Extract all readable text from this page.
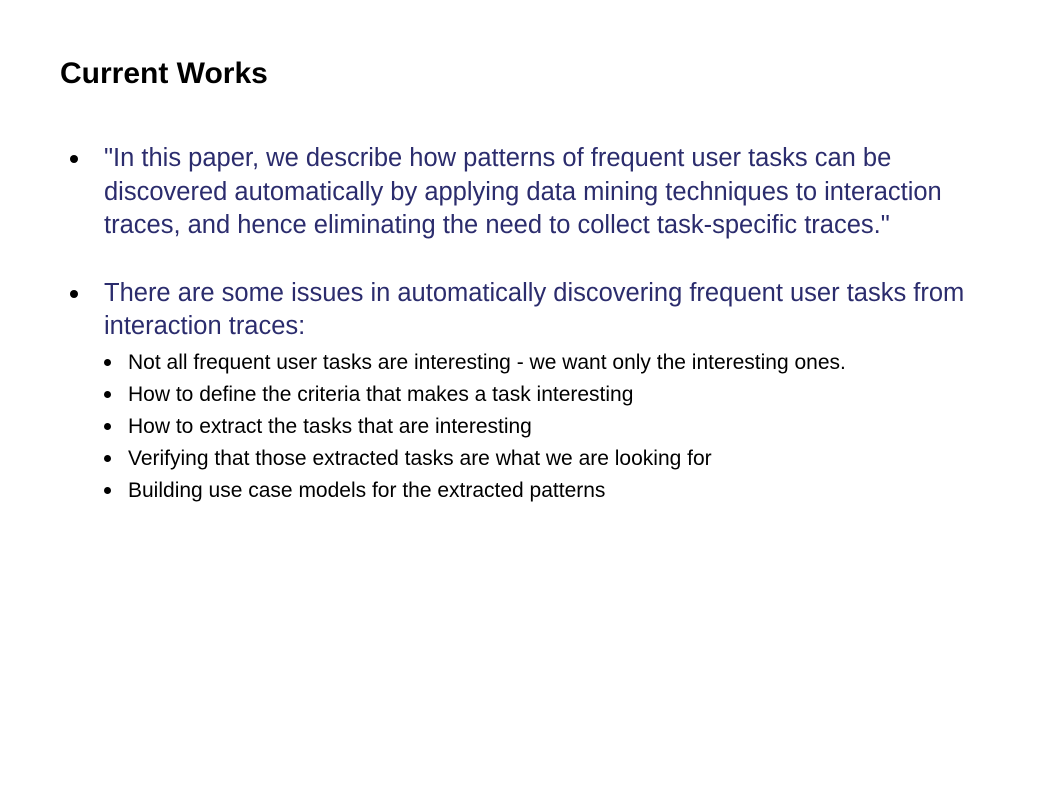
Current Works
"In this paper, we describe how patterns of frequent user tasks can be discovered automatically by applying data mining techniques to interaction traces, and hence eliminating the need to collect task-specific traces."
There are some issues in automatically discovering frequent user tasks from interaction traces:
Not all frequent user tasks are interesting - we want only the interesting ones.
How to define the criteria that makes a task interesting
How to extract the tasks that are interesting
Verifying that those extracted tasks are what we are looking for
Building use case models for the extracted patterns
